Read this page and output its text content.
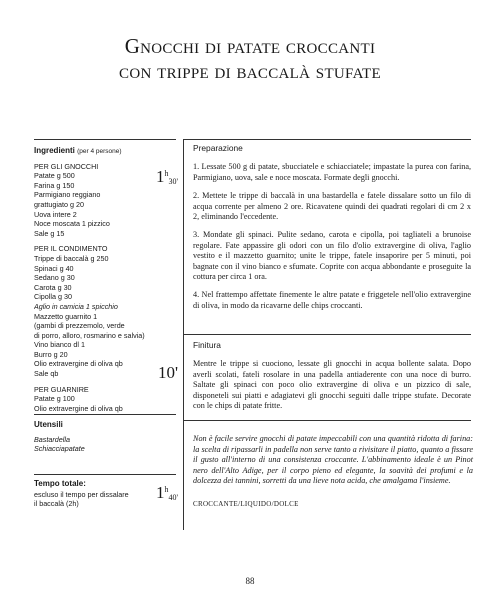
Gnocchi di patate croccanti
con trippe di baccalà stufate
Ingredienti (per 4 persone)
PER GLI GNOCCHI
Patate g 500
Farina g 150
Parmigiano reggiano
grattugiato g 20
Uova intere 2
Noce moscata 1 pizzico
Sale g 15
PER IL CONDIMENTO
Trippe di baccalà g 250
Spinaci g 40
Sedano g 30
Carota g 30
Cipolla g 30
Aglio in camicia 1 spicchio
Mazzetto guarnito 1
(gambi di prezzemolo, verde
di porro, alloro, rosmarino e salvia)
Vino bianco dl 1
Burro g 20
Olio extravergine di oliva qb
Sale qb
PER GUARNIRE
Patate g 100
Olio extravergine di oliva qb
Utensili
Bastardella
Schiacciapatate
Tempo totale:
escluso il tempo per dissalare
il baccalà (2h)
$1^h_{30'}$
10'
$1^h_{40'}$
Preparazione

1. Lessate 500 g di patate, sbucciatele e schiacciatele; impastate la purea con farina, Parmigiano, uova, sale e noce moscata. Formate degli gnocchi.

2. Mettete le trippe di baccalà in una bastardella e fatele dissalare sotto un filo di acqua corrente per almeno 2 ore. Ricavatene quindi dei quadrati regolari di cm 2 x 2, eliminando l'eccedente.

3. Mondate gli spinaci. Pulite sedano, carota e cipolla, poi tagliateli a brunoise regolare. Fate appassire gli odori con un filo d'olio extravergine di oliva, l'aglio vestito e il mazzetto guarnito; unite le trippe, fatele insaporire per 5 minuti, poi bagnate con il vino bianco e sfumate. Coprite con acqua abbondante e proseguite la cottura per circa 1 ora.

4. Nel frattempo affettate finemente le altre patate e friggetele nell'olio extravergine di oliva, in modo da ricavarne delle chips croccanti.

Finitura

Mentre le trippe si cuociono, lessate gli gnocchi in acqua bollente salata. Dopo averli scolati, fateli rosolare in una padella antiaderente con una noce di burro. Saltate gli spinaci con poco olio extravergine di oliva e un pizzico di sale, disponeteli sui piatti e adagiatevi gli gnocchi seguiti dalle trippe stufate. Decorate con le chips di patate fritte.

Non è facile servire gnocchi di patate impeccabili con una quantità ridotta di farina: la scelta di ripassarli in padella non serve tanto a rivisitare il piatto, quanto a fissare il gusto all'interno di una consistenza croccante. L'abbinamento ideale è un Pinot nero dell'Alto Adige, per il corpo pieno ed elegante, la soavità dei profumi e la dolcezza dei tannini, sorretti da una lieve nota acida, che amalgama l'insieme.
CROCCANTE/LIQUIDO/DOLCE
88
